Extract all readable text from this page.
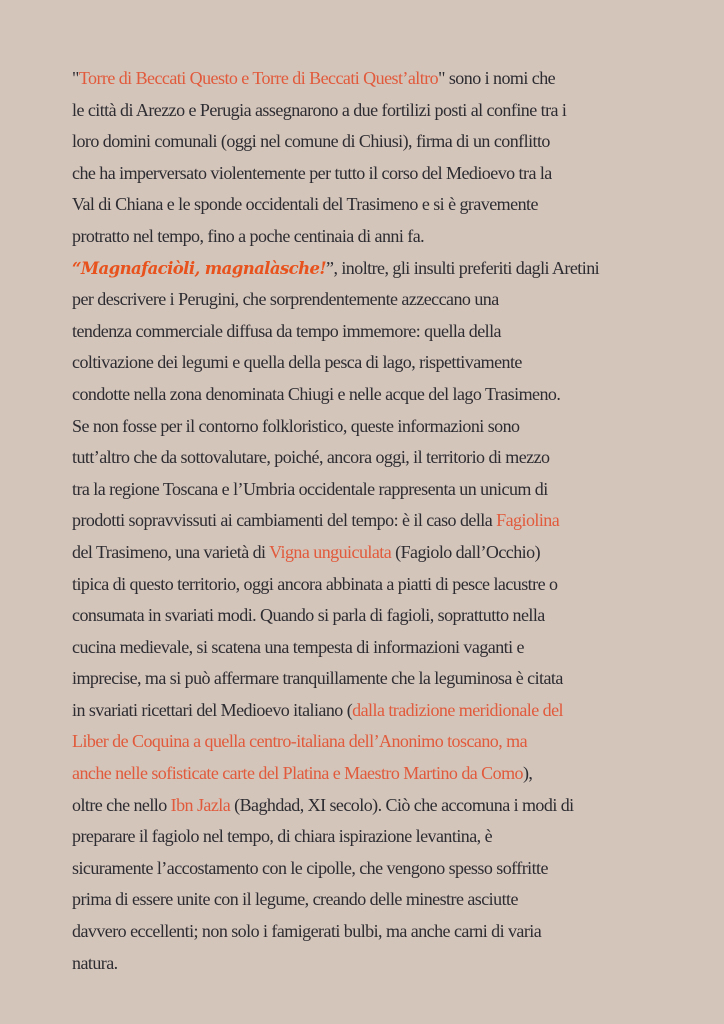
"Torre di Beccati Questo e Torre di Beccati Quest’altro" sono i nomi che
le città di Arezzo e Perugia assegnarono a due fortilizi posti al confine tra i
loro domini comunali (oggi nel comune di Chiusi), firma di un conflitto
che ha imperversato violentemente per tutto il corso del Medioevo tra la
Val di Chiana e le sponde occidentali del Trasimeno e si è gravemente
protratto nel tempo, fino a poche centinaia di anni fa.
“Magnafaciòli, magnalàsche!”, inoltre, gli insulti preferiti dagli Aretini
per descrivere i Perugini, che sorprendentemente azzeccano una
tendenza commerciale diffusa da tempo immemore: quella della
coltivazione dei legumi e quella della pesca di lago, rispettivamente
condotte nella zona denominata Chiugi e nelle acque del lago Trasimeno.
Se non fosse per il contorno folkloristico, queste informazioni sono
tutt’altro che da sottovalutare, poiché, ancora oggi, il territorio di mezzo
tra la regione Toscana e l’Umbria occidentale rappresenta un unicum di
prodotti sopravvissuti ai cambiamenti del tempo: è il caso della Fagiolina
del Trasimeno, una varietà di Vigna unguiculata (Fagiolo dall’Occhio)
tipica di questo territorio, oggi ancora abbinata a piatti di pesce lacustre o
consumata in svariati modi. Quando si parla di fagioli, soprattutto nella
cucina medievale, si scatena una tempesta di informazioni vaganti e
imprecise, ma si può affermare tranquillamente che la leguminosa è citata
in svariati ricettari del Medioevo italiano (dalla tradizione meridionale del
Liber de Coquina a quella centro-italiana dell’Anonimo toscano, ma
anche nelle sofisticate carte del Platina e Maestro Martino da Como),
oltre che nello Ibn Jazla (Baghdad, XI secolo). Ciò che accomuna i modi di
preparare il fagiolo nel tempo, di chiara ispirazione levantina, è
sicuramente l’accostamento con le cipolle, che vengono spesso soffritte
prima di essere unite con il legume, creando delle minestre asciutte
davvero eccellenti; non solo i famigerati bulbi, ma anche carni di varia
natura.
